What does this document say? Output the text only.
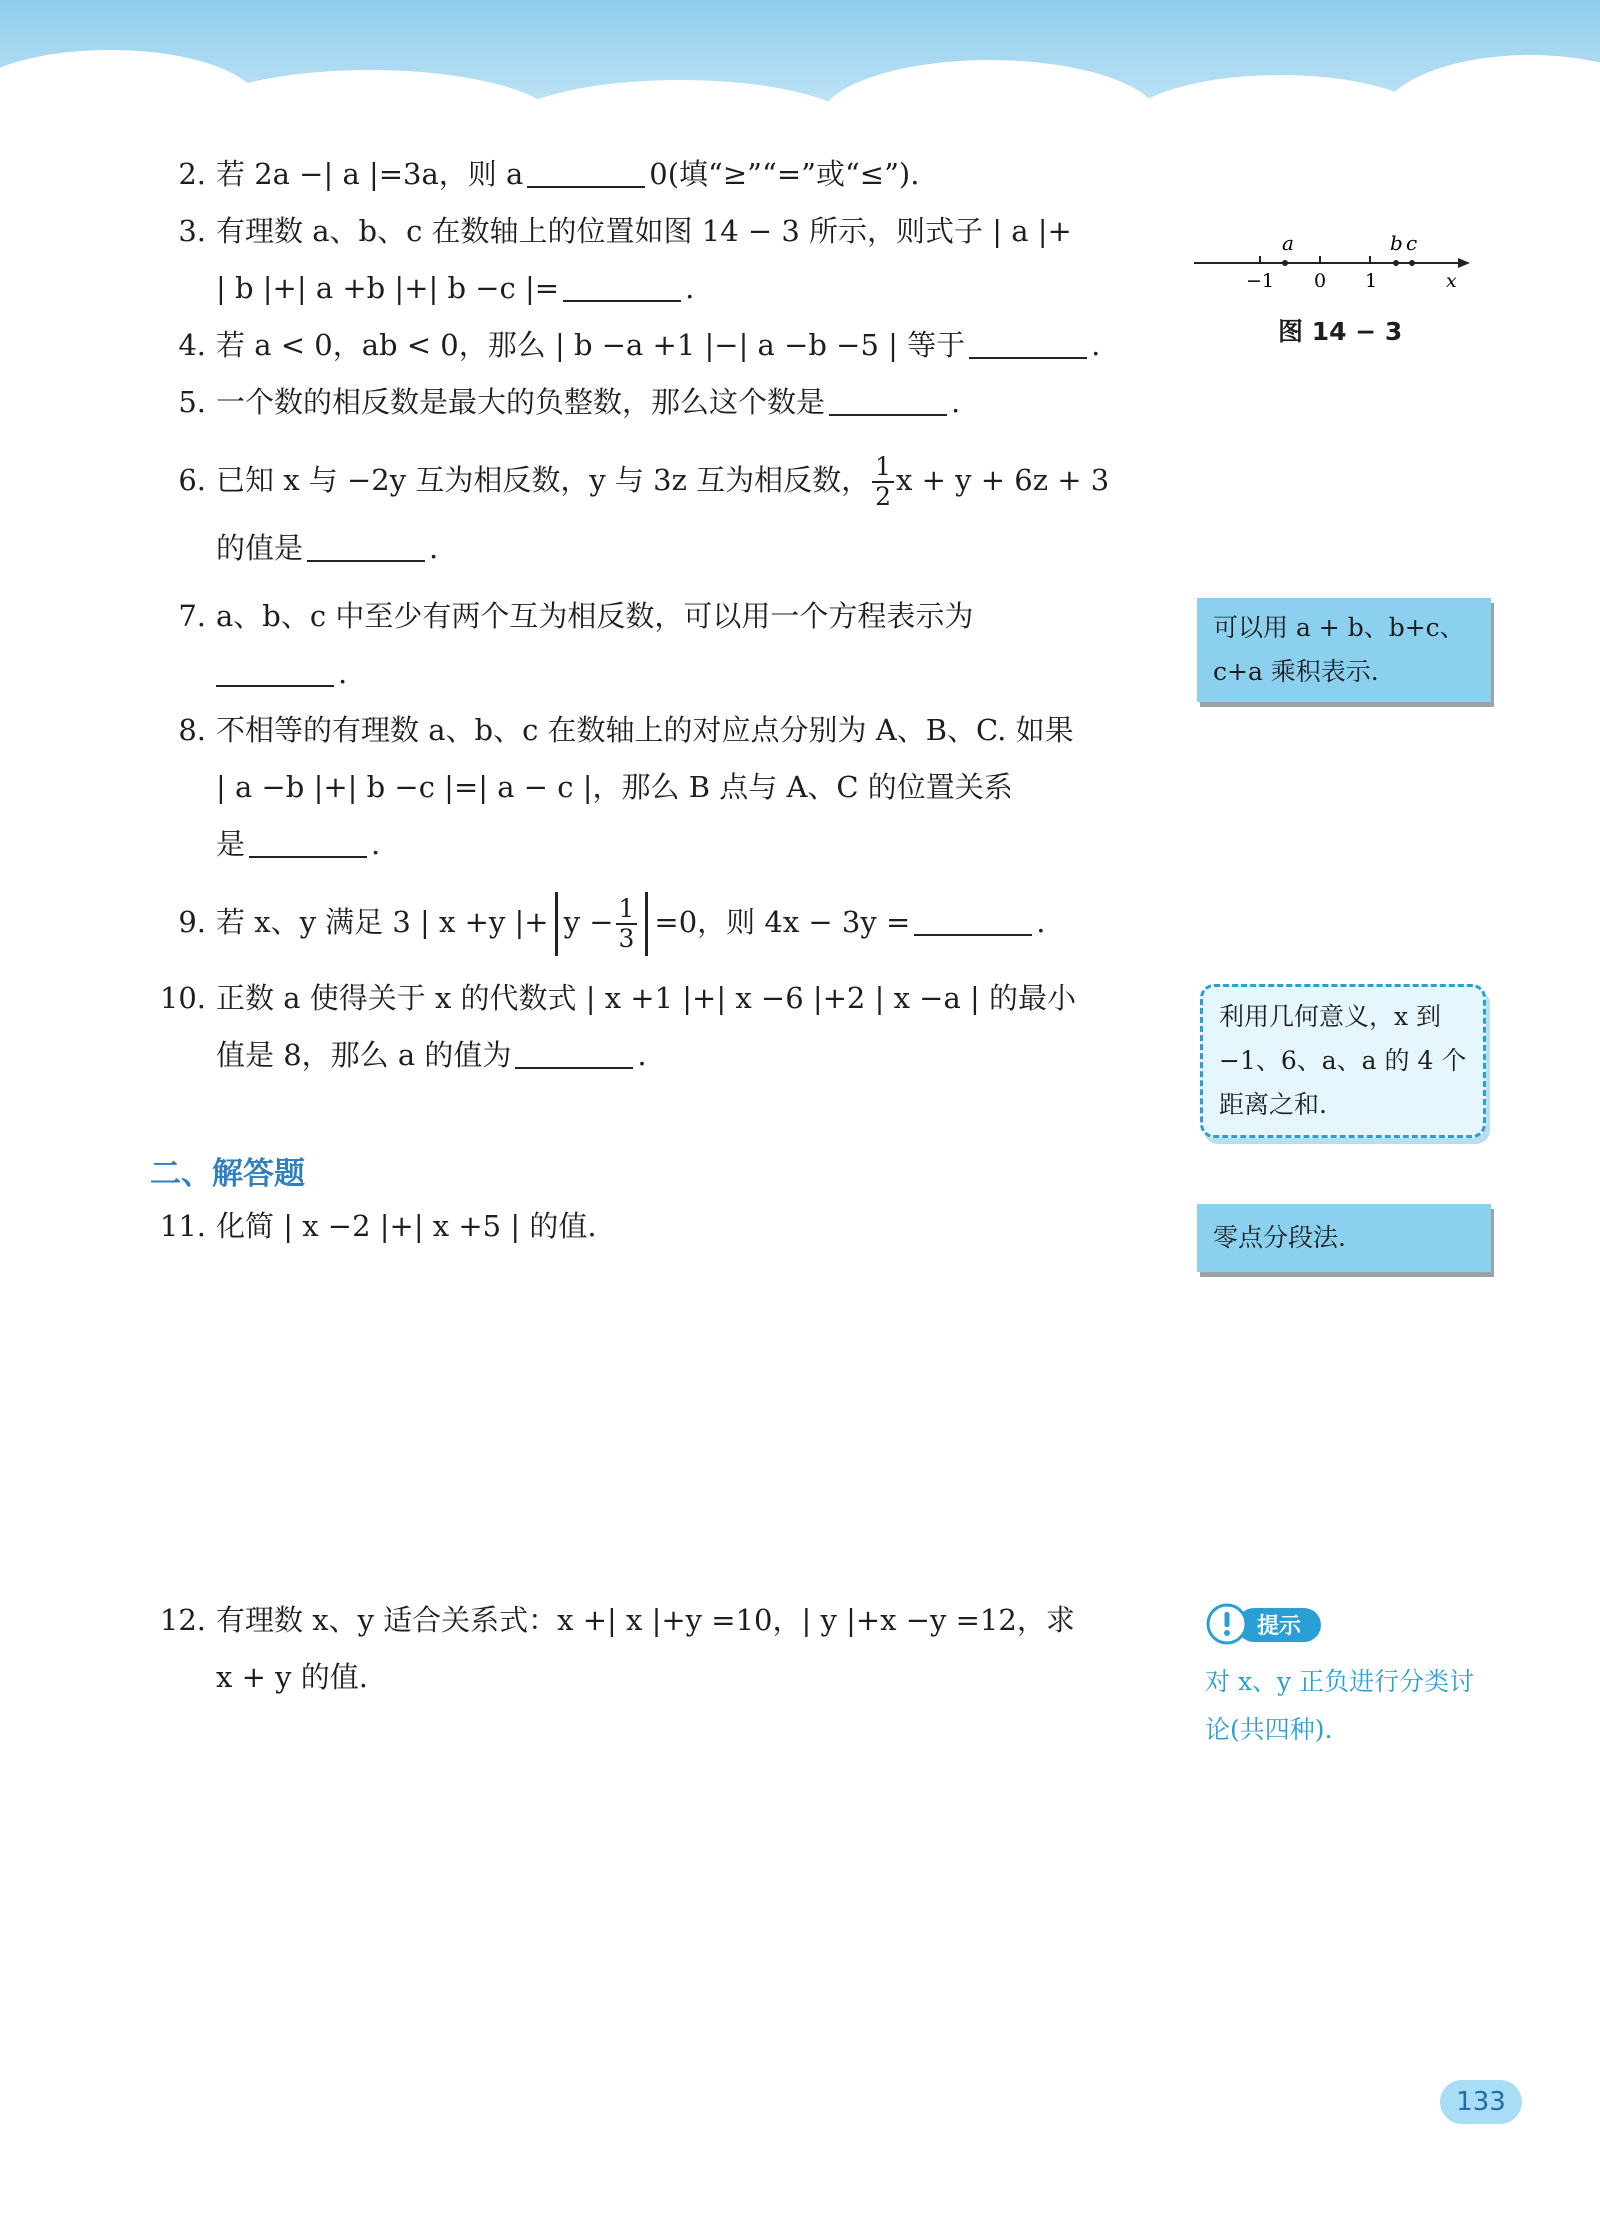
2. 若 2a −| a |=3a，则 a	0(填“≥”“=”或“≤”).
3. 有理数 a、b、c 在数轴上的位置如图 14 − 3 所示，则式子 | a |+
| b |+| a +b |+| b −c |=	.
4. 若 a < 0，ab < 0，那么 | b −a +1 |−| a −b −5 | 等于	.
5. 一个数的相反数是最大的负整数，那么这个数是	.
6. 已知 x 与 −2y 互为相反数，y 与 3z 互为相反数， $\frac{1}{2}$ x + y + 6z + 3
的值是	.
7. a、b、c 中至少有两个互为相反数，可以用一个方程表示为
.
8. 不相等的有理数 a、b、c 在数轴上的对应点分别为 A、B、C. 如果
| a −b |+| b −c |=| a − c |，那么 B 点与 A、C 的位置关系
是	.
9. 若 x、y 满足 3 | x +y |+ $y - \frac{1}{3} =0$，则 4x − 3y =	.
10. 正数 a 使得关于 x 的代数式 | x +1 |+| x −6 |+2 | x −a | 的最小
值是 8，那么 a 的值为	.
二、解答题
11. 化简 | x −2 |+| x +5 | 的值.
12. 有理数 x、y 适合关系式：x +| x |+y =10，| y |+x −y =12，求
x + y 的值.
a	b c
−1 0 1	x
图 14 − 3
可以用 a + b、b+c、c+a 乘积表示.
利用几何意义，x 到−1、6、a、a 的 4 个距离之和.
零点分段法.
提示
对 x、y 正负进行分类讨论(共四种).
133
